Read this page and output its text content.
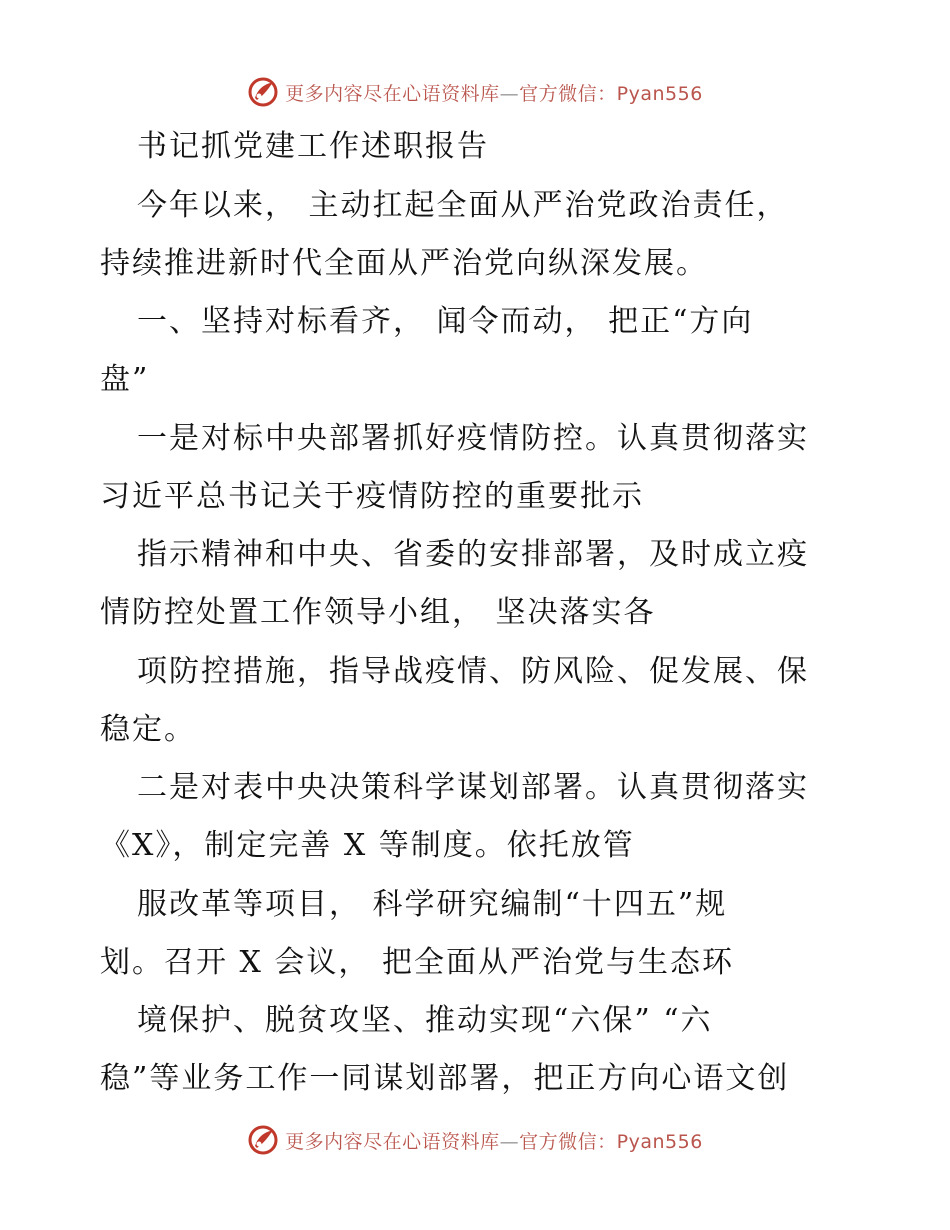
更多内容尽在心语资料库—官方微信：Pyan556
书记抓党建工作述职报告
今年以来， 主动扛起全面从严治党政治责任，
持续推进新时代全面从严治党向纵深发展。
一、坚持对标看齐， 闻令而动， 把正“方向
盘”
一是对标中央部署抓好疫情防控。认真贯彻落实
习近平总书记关于疫情防控的重要批示
指示精神和中央、省委的安排部署，及时成立疫
情防控处置工作领导小组， 坚决落实各
项防控措施，指导战疫情、防风险、促发展、保
稳定。
二是对表中央决策科学谋划部署。认真贯彻落实
《X》，制定完善 X 等制度。依托放管
服改革等项目， 科学研究编制“十四五”规
划。召开 X 会议， 把全面从严治党与生态环
境保护、脱贫攻坚、推动实现“六保” “六
稳”等业务工作一同谋划部署，把正方向心语文创
更多内容尽在心语资料库—官方微信：Pyan556
